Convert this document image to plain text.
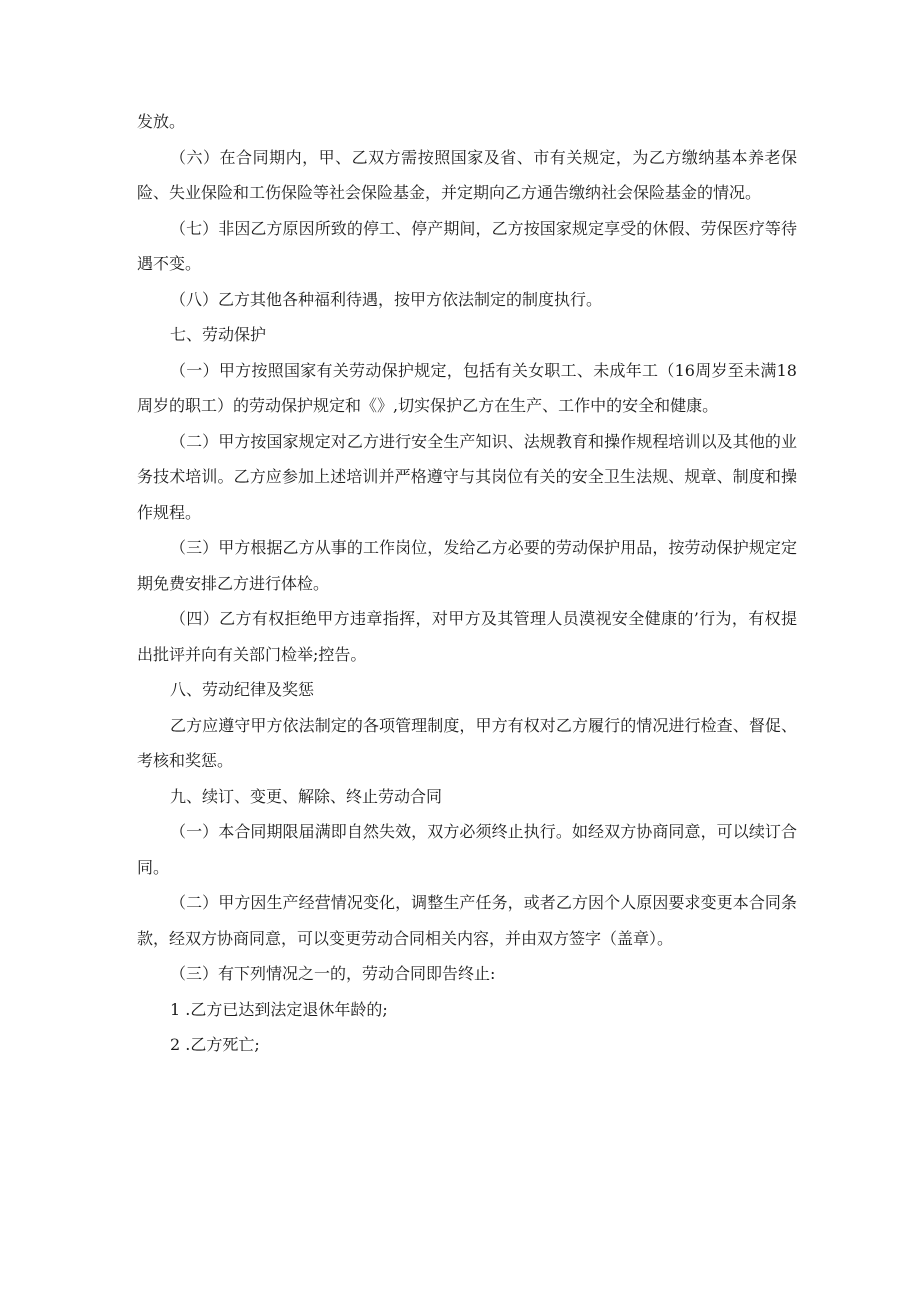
发放。

（六）在合同期内，甲、乙双方需按照国家及省、市有关规定，为乙方缴纳基本养老保险、失业保险和工伤保险等社会保险基金，并定期向乙方通告缴纳社会保险基金的情况。

（七）非因乙方原因所致的停工、停产期间，乙方按国家规定享受的休假、劳保医疗等待遇不变。

（八）乙方其他各种福利待遇，按甲方依法制定的制度执行。

七、劳动保护

（一）甲方按照国家有关劳动保护规定，包括有关女职工、未成年工（16周岁至未满18周岁的职工）的劳动保护规定和《》,切实保护乙方在生产、工作中的安全和健康。

（二）甲方按国家规定对乙方进行安全生产知识、法规教育和操作规程培训以及其他的业务技术培训。乙方应参加上述培训并严格遵守与其岗位有关的安全卫生法规、规章、制度和操作规程。

（三）甲方根据乙方从事的工作岗位，发给乙方必要的劳动保护用品，按劳动保护规定定期免费安排乙方进行体检。

（四）乙方有权拒绝甲方违章指挥，对甲方及其管理人员漠视安全健康的’行为，有权提出批评并向有关部门检举;控告。

八、劳动纪律及奖惩

乙方应遵守甲方依法制定的各项管理制度，甲方有权对乙方履行的情况进行检查、督促、考核和奖惩。

九、续订、变更、解除、终止劳动合同

（一）本合同期限届满即自然失效，双方必须终止执行。如经双方协商同意，可以续订合同。

（二）甲方因生产经营情况变化，调整生产任务，或者乙方因个人原因要求变更本合同条款，经双方协商同意，可以变更劳动合同相关内容，并由双方签字（盖章）。

（三）有下列情况之一的，劳动合同即告终止:

1 .乙方已达到法定退休年龄的;

2 .乙方死亡;
